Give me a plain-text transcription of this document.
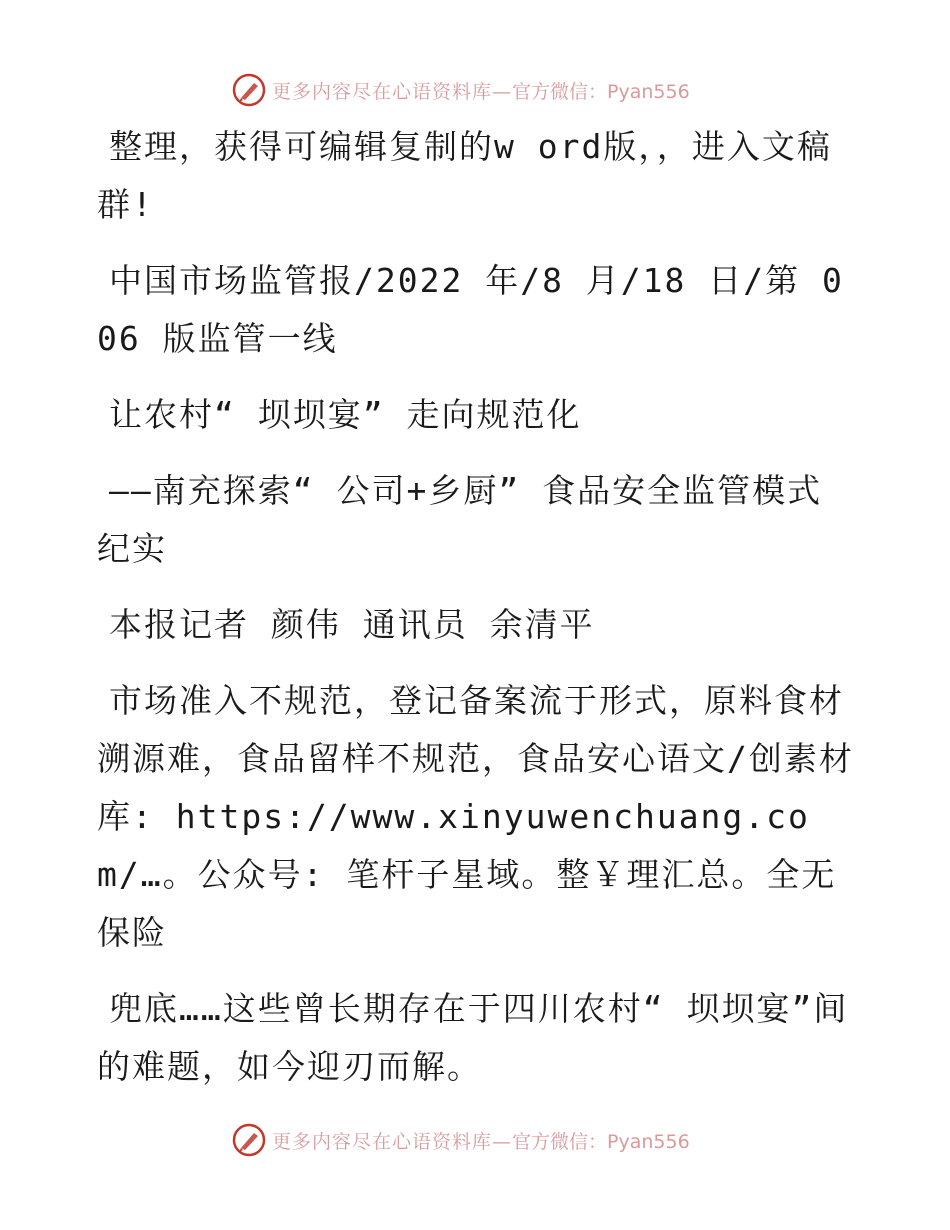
更多内容尽在心语资料库— 官方微信：Pyan556

整理，获得可编辑复制的w ord版，，进入文稿群!

中国市场监管报/2022 年/8 月/18 日/第 006 版监管一线

让农村“ 坝坝宴” 走向规范化

——南充探索“ 公司+乡厨” 食品安全监管模式纪实

本报记者 颜伟 通讯员 余清平

市场准入不规范，登记备案流于形式，原料食材溯源难，食品留样不规范，食品安心语文/创素材库: https://www.xinyuwenchuang.com/…。公众号: 笔杆子星域。整￥理汇总。全无保险

兜底……这些曾长期存在于四川农村“ 坝坝宴”间的难题，如今迎刃而解。

更多内容尽在心语资料库— 官方微信：Pyan556
